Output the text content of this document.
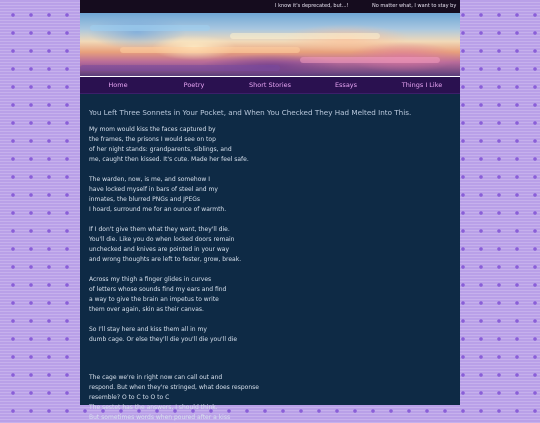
I know it's deprecated, but...!	No matter what, I want to stay by
Home	Poetry	Short Stories	Essays	Things I Like
You Left Three Sonnets in Your Pocket, and When You Checked They Had Melted Into This.

My mom would kiss the faces captured by
the frames, the prisons I would see on top
of her night stands: grandparents, siblings, and
me, caught then kissed. It's cute. Made her feel safe.

The warden, now, is me, and somehow I
have locked myself in bars of steel and my
inmates, the blurred PNGs and JPEGs
I hoard, surround me for an ounce of warmth.

If I don't give them what they want, they'll die.
You'll die. Like you do when locked doors remain
unchecked and knives are pointed in your way
and wrong thoughts are left to fester, grow, break.

Across my thigh a finger glides in curves
of letters whose sounds find my ears and find
a way to give the brain an impetus to write
them over again, skin as their canvas.

So I'll stay here and kiss them all in my
dumb cage. Or else they'll die you'll die you'll die

The cage we're in right now can call out and
respond. But when they're stringed, what does response
resemble? O to C to O to C
The sestet has the answers, I should think.
But sometimes words when poured after a kiss
